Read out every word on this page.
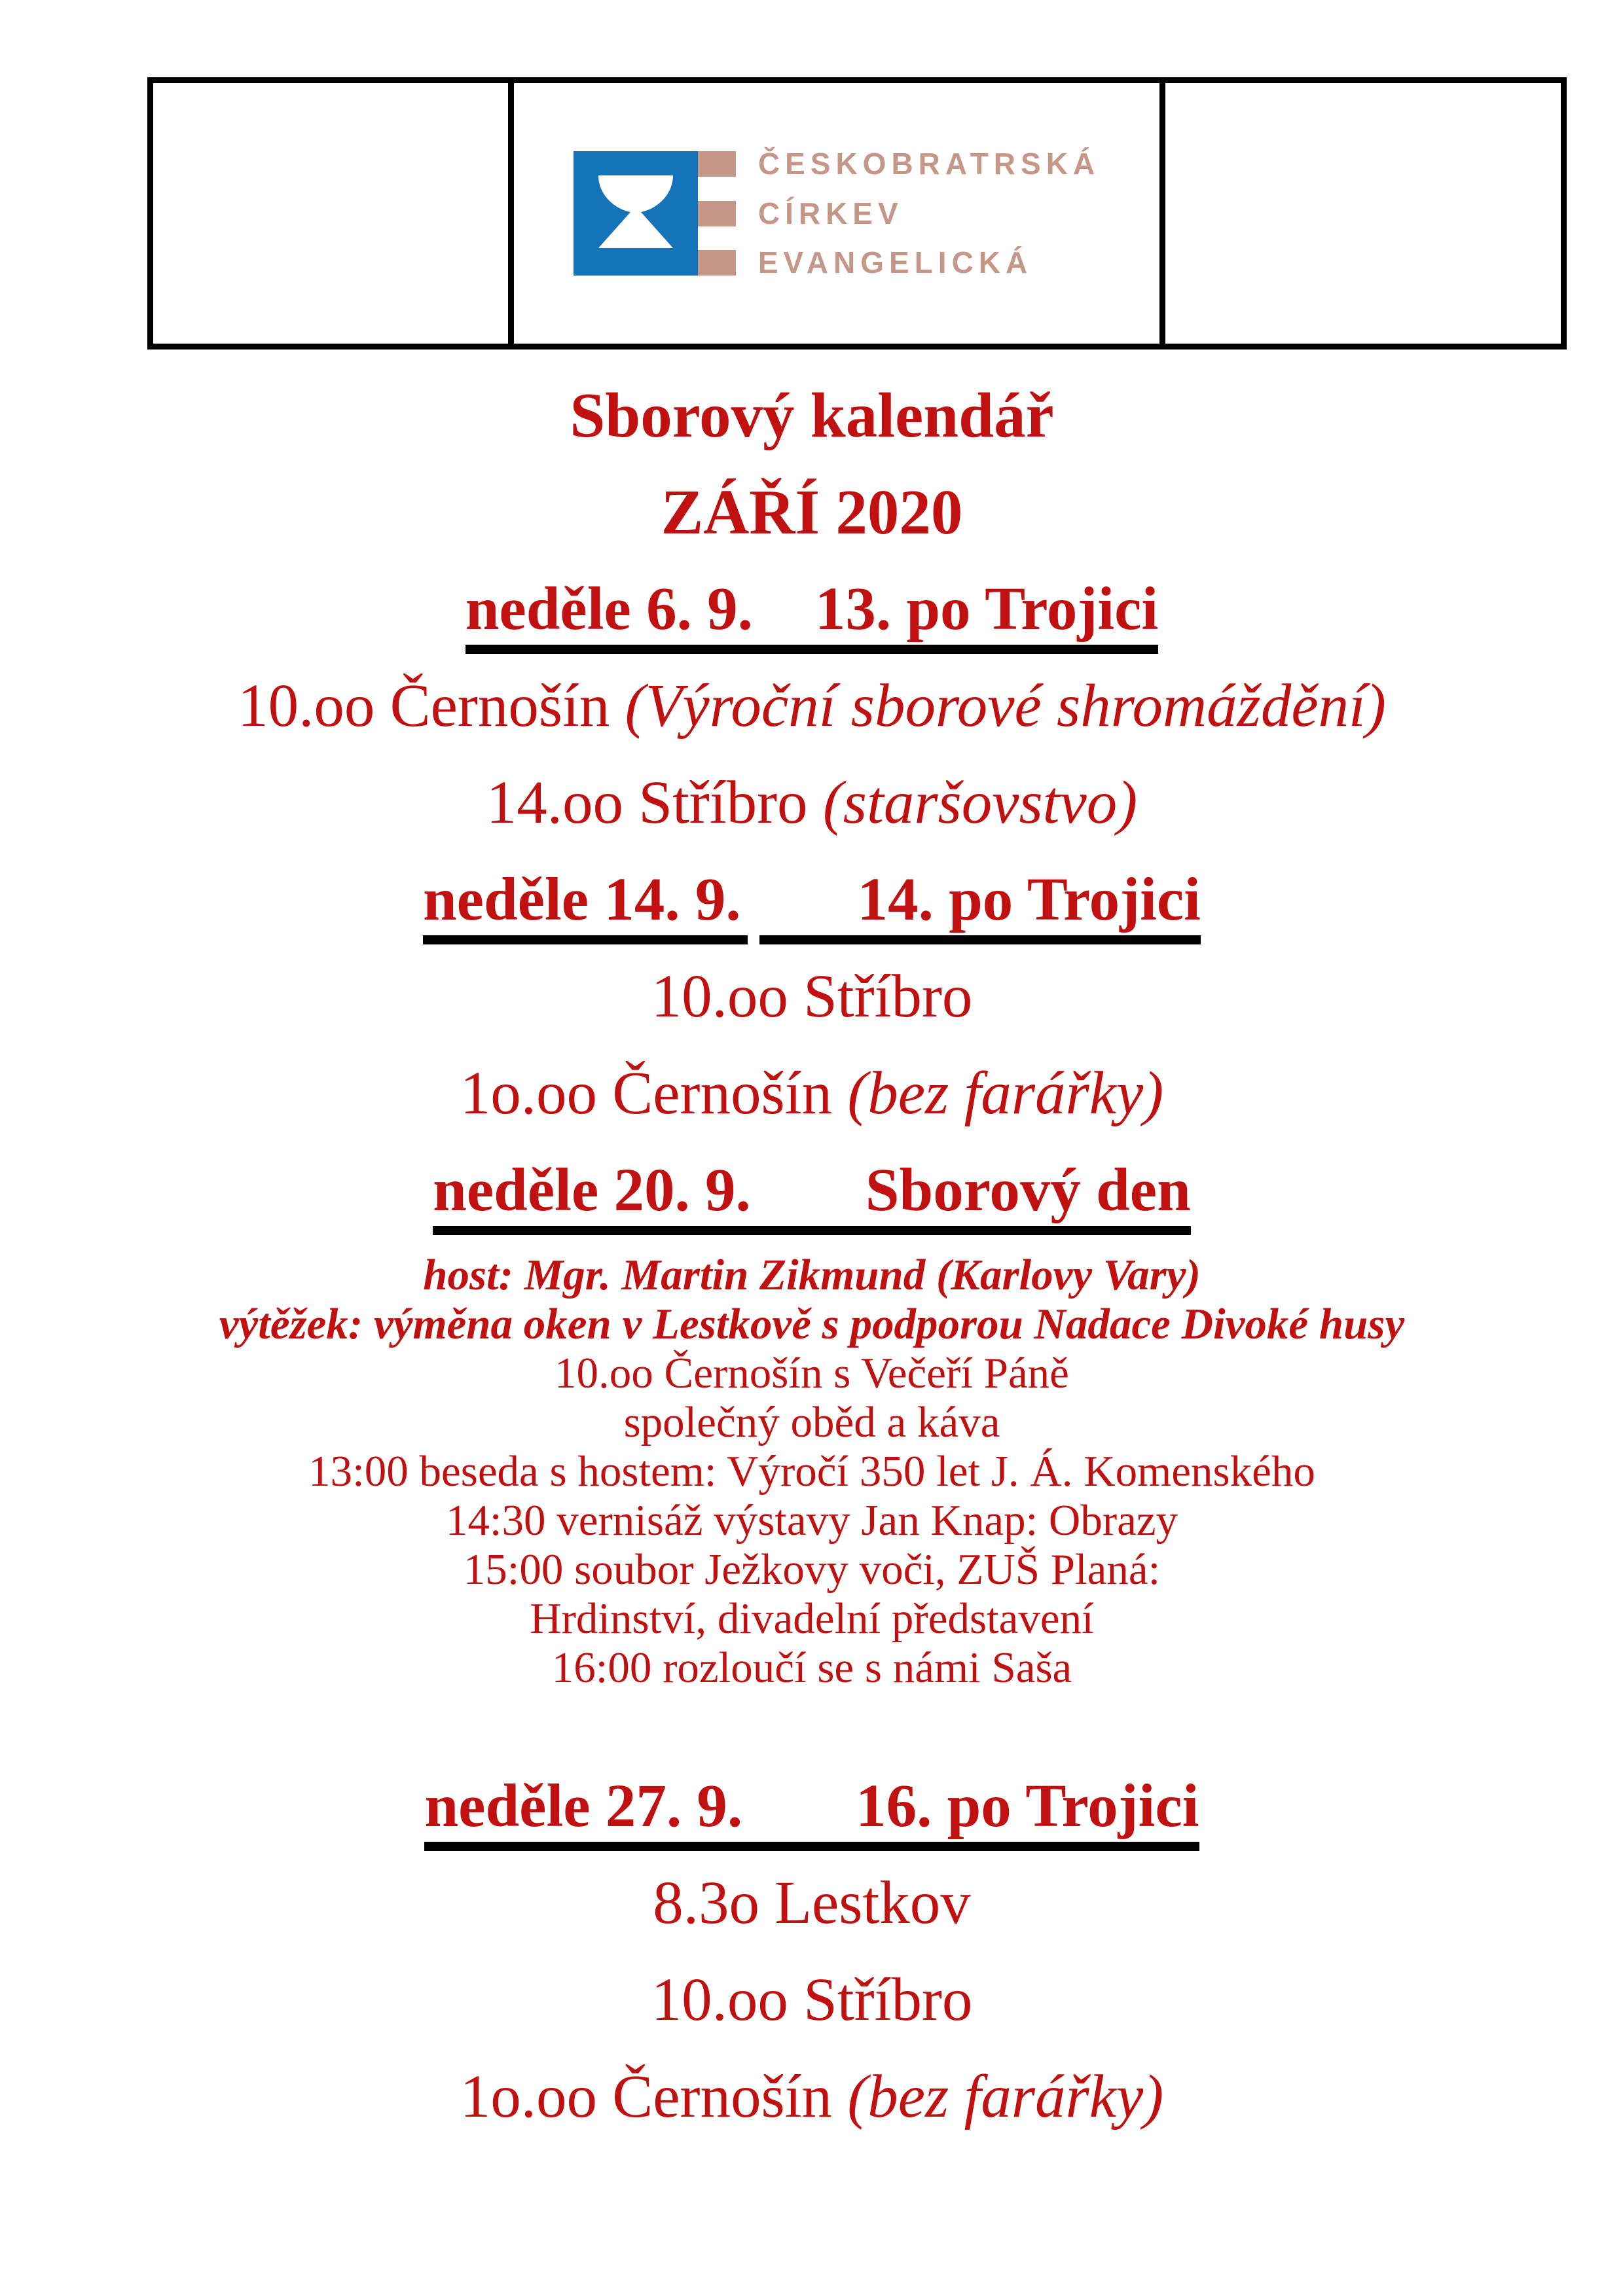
ČESKOBRATRSKÁ
CÍRKEV
EVANGELICKÁ
Sborový kalendář
ZÁŘÍ 2020
neděle 6. 9. 13. po Trojici
10.oo Černošín (Výroční sborové shromáždění)
14.oo Stříbro (staršovstvo)
neděle 14. 9. 14. po Trojici
10.oo Stříbro
1o.oo Černošín (bez farářky)
neděle 20. 9. Sborový den
host: Mgr. Martin Zikmund (Karlovy Vary)
výtěžek: výměna oken v Lestkově s podporou Nadace Divoké husy
10.oo Černošín s Večeří Páně
společný oběd a káva
13:00 beseda s hostem: Výročí 350 let J. Á. Komenského
14:30 vernisáž výstavy Jan Knap: Obrazy
15:00 soubor Ježkovy voči, ZUŠ Planá:
Hrdinství, divadelní představení
16:00 rozloučí se s námi Saša
neděle 27. 9. 16. po Trojici
8.3o Lestkov
10.oo Stříbro
1o.oo Černošín (bez farářky)
